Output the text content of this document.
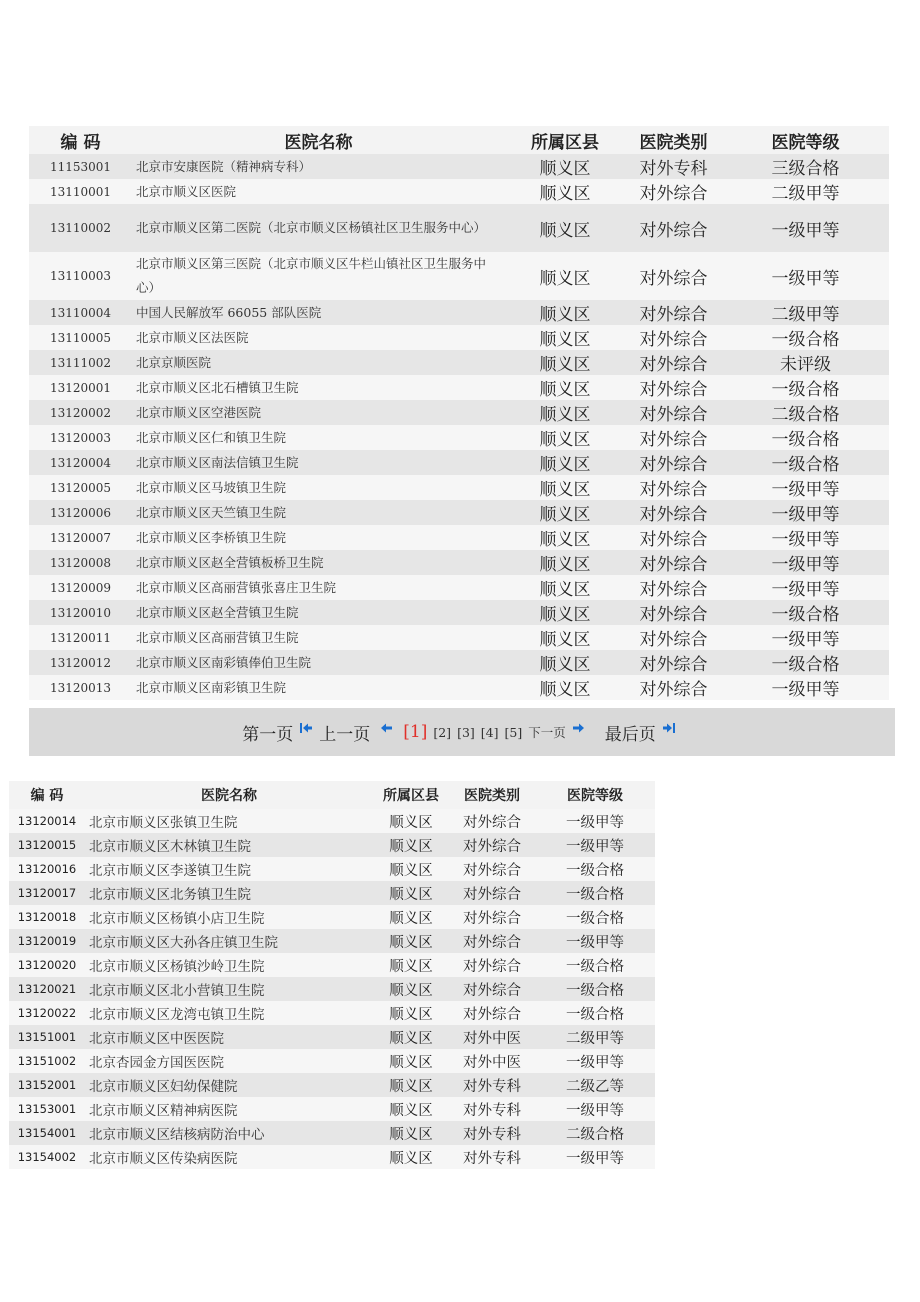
编 码	医院名称	所属区县	医院类别	医院等级
11153001	北京市安康医院（精神病专科）	顺义区	对外专科	三级合格
13110001	北京市顺义区医院	顺义区	对外综合	二级甲等
13110002	北京市顺义区第二医院（北京市顺义区杨镇社区卫生服务中心）	顺义区	对外综合	一级甲等
13110003	北京市顺义区第三医院（北京市顺义区牛栏山镇社区卫生服务中心）	顺义区	对外综合	一级甲等
13110004	中国人民解放军 66055 部队医院	顺义区	对外综合	二级甲等
13110005	北京市顺义区法医院	顺义区	对外综合	一级合格
13111002	北京京顺医院	顺义区	对外综合	未评级
13120001	北京市顺义区北石槽镇卫生院	顺义区	对外综合	一级合格
13120002	北京市顺义区空港医院	顺义区	对外综合	二级合格
13120003	北京市顺义区仁和镇卫生院	顺义区	对外综合	一级合格
13120004	北京市顺义区南法信镇卫生院	顺义区	对外综合	一级合格
13120005	北京市顺义区马坡镇卫生院	顺义区	对外综合	一级甲等
13120006	北京市顺义区天竺镇卫生院	顺义区	对外综合	一级甲等
13120007	北京市顺义区李桥镇卫生院	顺义区	对外综合	一级甲等
13120008	北京市顺义区赵全营镇板桥卫生院	顺义区	对外综合	一级甲等
13120009	北京市顺义区高丽营镇张喜庄卫生院	顺义区	对外综合	一级甲等
13120010	北京市顺义区赵全营镇卫生院	顺义区	对外综合	一级合格
13120011	北京市顺义区高丽营镇卫生院	顺义区	对外综合	一级甲等
13120012	北京市顺义区南彩镇俸伯卫生院	顺义区	对外综合	一级合格
13120013	北京市顺义区南彩镇卫生院	顺义区	对外综合	一级甲等
第一页 上一页 [1] [2] [3] [4] [5] 下一页 最后页
编 码	医院名称	所属区县	医院类别	医院等级
13120014	北京市顺义区张镇卫生院	顺义区	对外综合	一级甲等
13120015	北京市顺义区木林镇卫生院	顺义区	对外综合	一级甲等
13120016	北京市顺义区李遂镇卫生院	顺义区	对外综合	一级合格
13120017	北京市顺义区北务镇卫生院	顺义区	对外综合	一级合格
13120018	北京市顺义区杨镇小店卫生院	顺义区	对外综合	一级合格
13120019	北京市顺义区大孙各庄镇卫生院	顺义区	对外综合	一级甲等
13120020	北京市顺义区杨镇沙岭卫生院	顺义区	对外综合	一级合格
13120021	北京市顺义区北小营镇卫生院	顺义区	对外综合	一级合格
13120022	北京市顺义区龙湾屯镇卫生院	顺义区	对外综合	一级合格
13151001	北京市顺义区中医医院	顺义区	对外中医	二级甲等
13151002	北京杏园金方国医医院	顺义区	对外中医	一级甲等
13152001	北京市顺义区妇幼保健院	顺义区	对外专科	二级乙等
13153001	北京市顺义区精神病医院	顺义区	对外专科	一级甲等
13154001	北京市顺义区结核病防治中心	顺义区	对外专科	二级合格
13154002	北京市顺义区传染病医院	顺义区	对外专科	一级甲等
